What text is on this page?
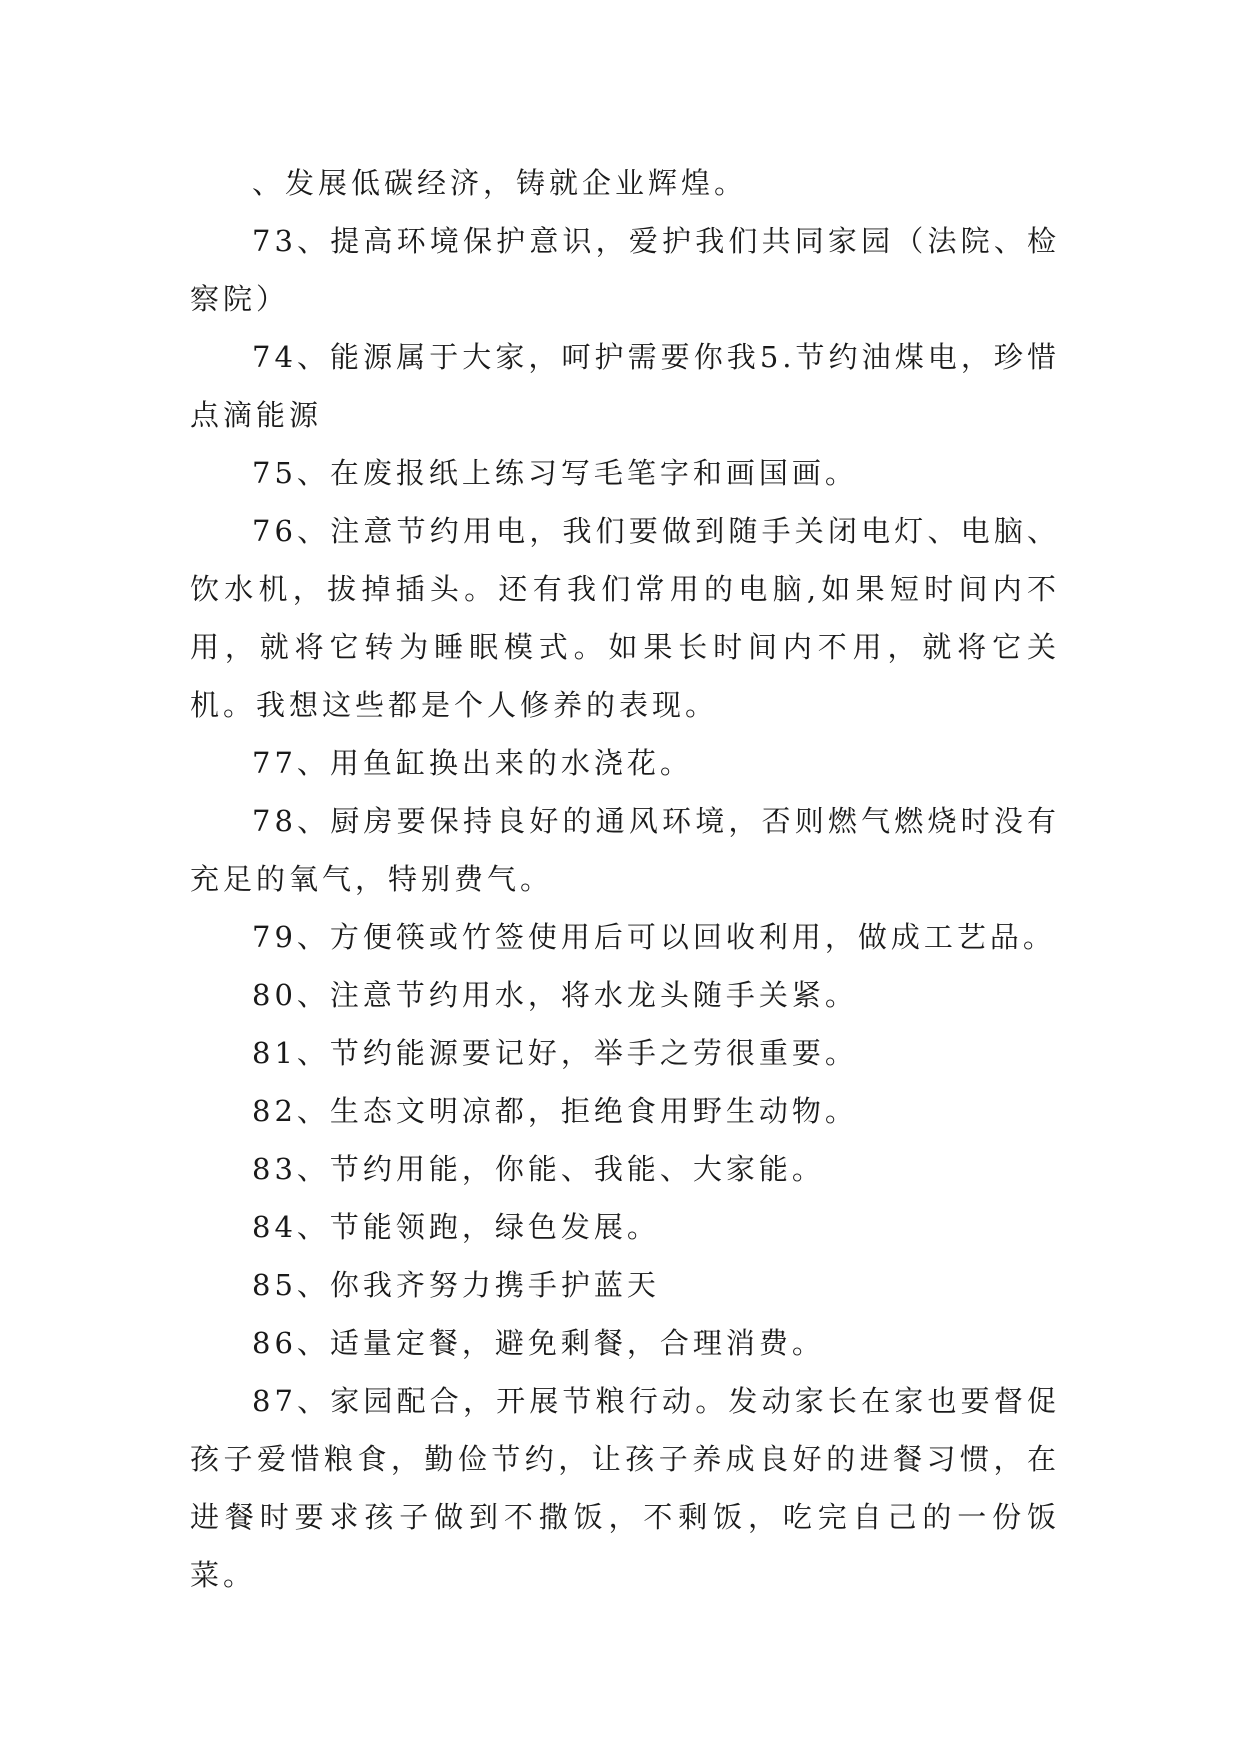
、发展低碳经济，铸就企业辉煌。

73、提高环境保护意识，爱护我们共同家园（法院、检察院）

74、能源属于大家，呵护需要你我5.节约油煤电，珍惜点滴能源

75、在废报纸上练习写毛笔字和画国画。

76、注意节约用电，我们要做到随手关闭电灯、电脑、饮水机，拔掉插头。还有我们常用的电脑,如果短时间内不用，就将它转为睡眠模式。如果长时间内不用，就将它关机。我想这些都是个人修养的表现。

77、用鱼缸换出来的水浇花。

78、厨房要保持良好的通风环境，否则燃气燃烧时没有充足的氧气，特别费气。

79、方便筷或竹签使用后可以回收利用，做成工艺品。

80、注意节约用水，将水龙头随手关紧。

81、节约能源要记好，举手之劳很重要。

82、生态文明凉都，拒绝食用野生动物。

83、节约用能，你能、我能、大家能。

84、节能领跑，绿色发展。

85、你我齐努力携手护蓝天

86、适量定餐，避免剩餐，合理消费。

87、家园配合，开展节粮行动。发动家长在家也要督促孩子爱惜粮食，勤俭节约，让孩子养成良好的进餐习惯，在进餐时要求孩子做到不撒饭，不剩饭，吃完自己的一份饭菜。
